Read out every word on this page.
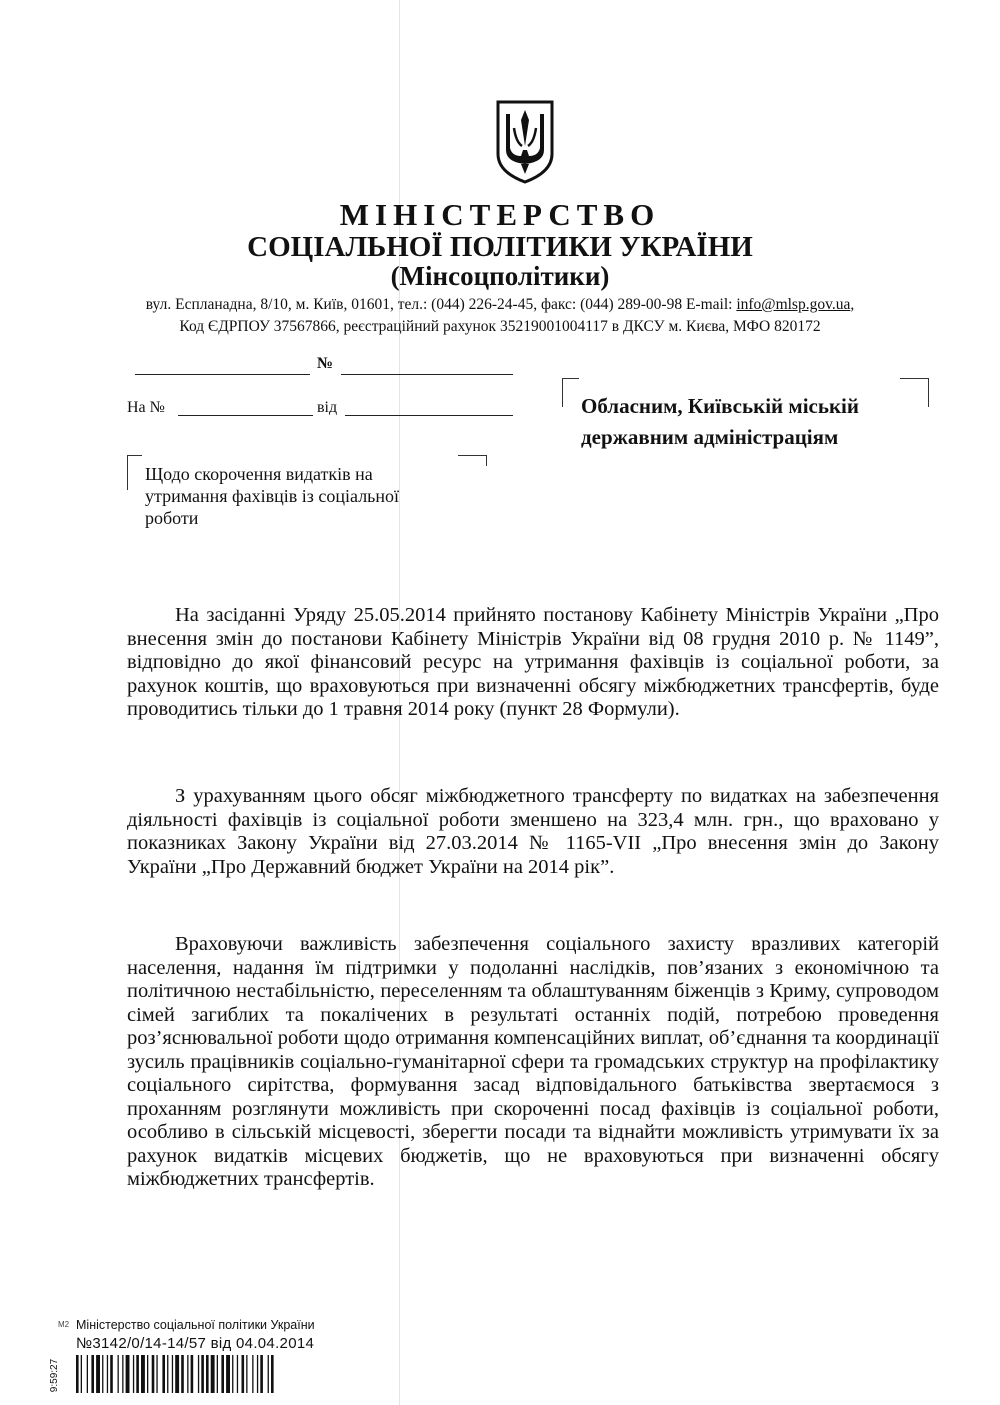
МІНІСТЕРСТВО
СОЦІАЛЬНОЇ ПОЛІТИКИ УКРАЇНИ
(Мінсоцполітики)
вул. Еспланадна, 8/10, м. Київ, 01601, тел.: (044) 226-24-45, факс: (044) 289-00-98 E-mail: info@mlsp.gov.ua,
Код ЄДРПОУ 37567866, реєстраційний рахунок 35219001004117 в ДКСУ м. Києва, МФО 820172
№
На №	від	Обласним, Київській міській
державним адміністраціям
Щодо скорочення видатків на утримання фахівців із соціальної роботи

На засіданні Уряду 25.05.2014 прийнято постанову Кабінету Міністрів України „Про внесення змін до постанови Кабінету Міністрів України від 08 грудня 2010 р. № 1149”, відповідно до якої фінансовий ресурс на утримання фахівців із соціальної роботи, за рахунок коштів, що враховуються при визначенні обсягу міжбюджетних трансфертів, буде проводитись тільки до 1 травня 2014 року (пункт 28 Формули).

З урахуванням цього обсяг міжбюджетного трансферту по видатках на забезпечення діяльності фахівців із соціальної роботи зменшено на 323,4 млн. грн., що враховано у показниках Закону України від 27.03.2014 № 1165-VII „Про внесення змін до Закону України „Про Державний бюджет України на 2014 рік”.

Враховуючи важливість забезпечення соціального захисту вразливих категорій населення, надання їм підтримки у подоланні наслідків, пов’язаних з економічною та політичною нестабільністю, переселенням та облаштуванням біженців з Криму, супроводом сімей загиблих та покалічених в результаті останніх подій, потребою проведення роз’яснювальної роботи щодо отримання компенсаційних виплат, об’єднання та координації зусиль працівників соціально-гуманітарної сфери та громадських структур на профілактику соціального сирітства, формування засад відповідального батьківства звертаємося з проханням розглянути можливість при скороченні посад фахівців із соціальної роботи, особливо в сільській місцевості, зберегти посади та віднайти можливість утримувати їх за рахунок видатків місцевих бюджетів, що не враховуються при визначенні обсягу міжбюджетних трансфертів.

М2 Міністерство соціальної політики України
№3142/0/14-14/57 від 04.04.2014
9:59:27
